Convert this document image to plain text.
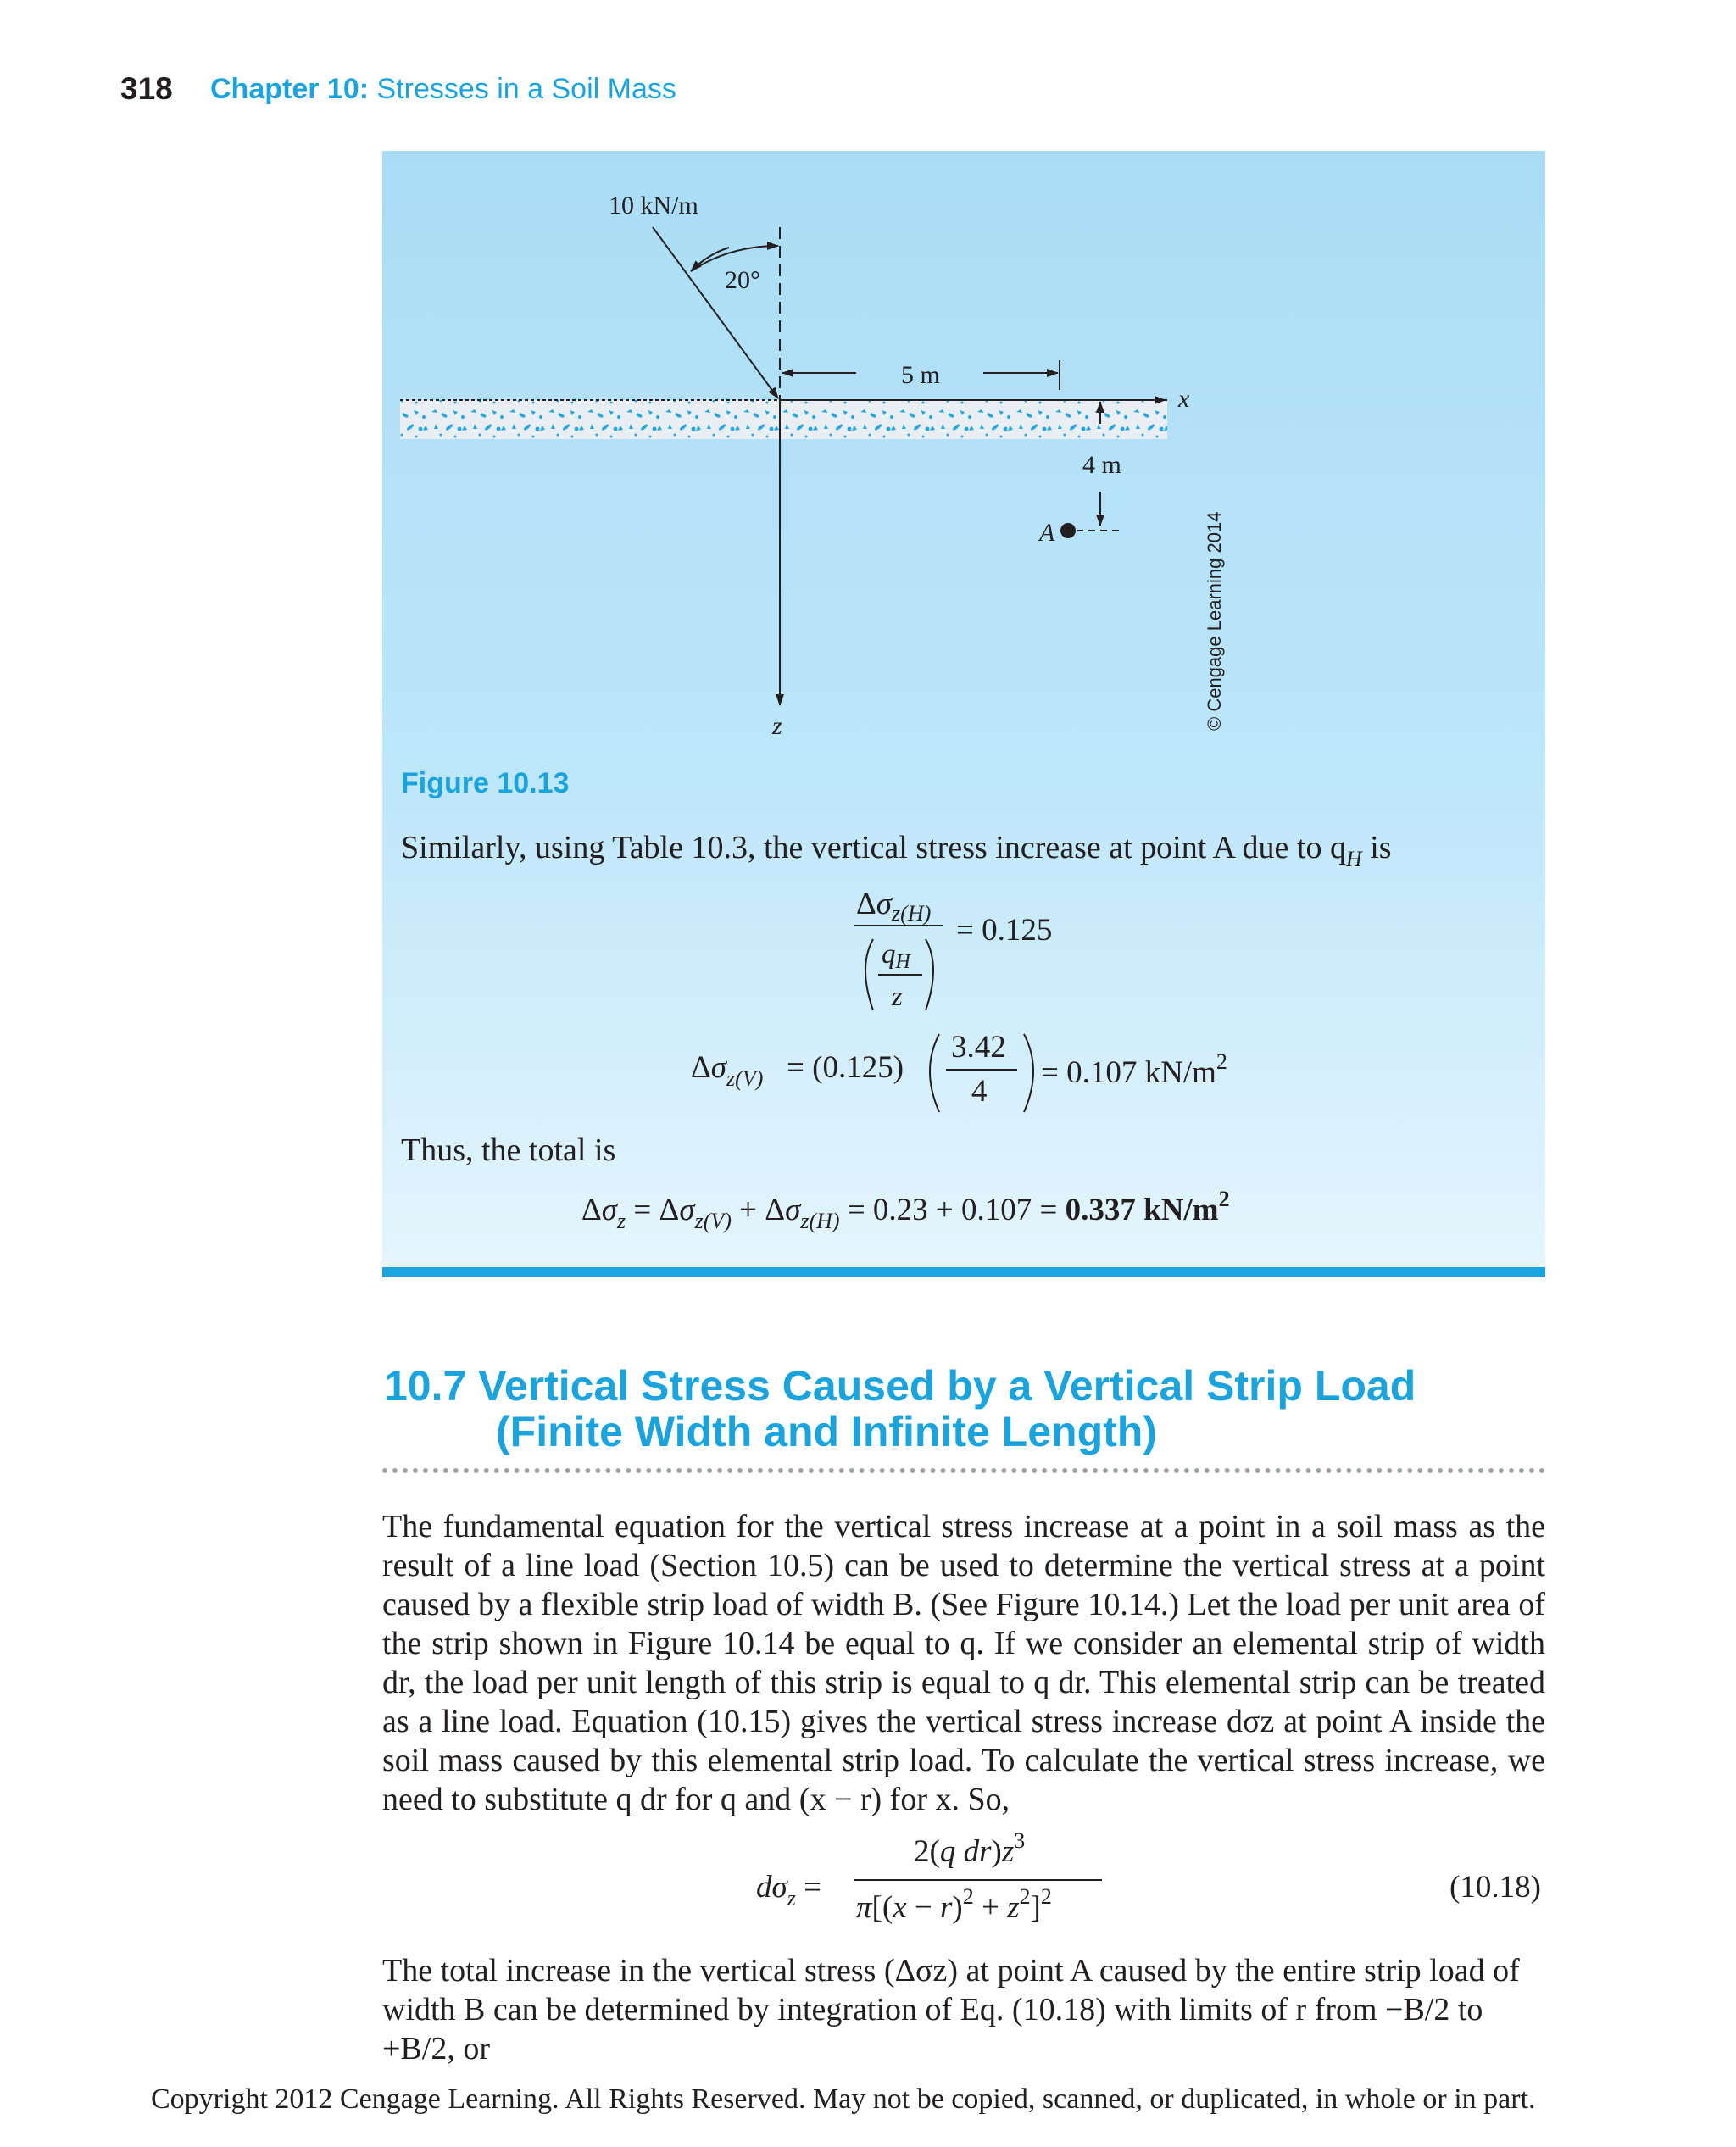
318 Chapter 10: Stresses in a Soil Mass
10 kN/m
20°
5 m
4 m
A
x
z	© Cengage Learning 2014
Figure 10.13
Similarly, using Table 10.3, the vertical stress increase at point A due to $q_H$ is
$\Delta\sigma_{z(H)}$
qH
z
= 0.125
$\Delta\sigma_{z(V)} = (0.125)$
3.42
4
= 0.107 $kN/m^2$
Thus, the total is
$\Delta\sigma_z = \Delta\sigma_{z(V)} + \Delta\sigma_{z(H)} = 0.23 + 0.107 = 0.337$ $kN/m^2$
10.7 Vertical Stress Caused by a Vertical Strip Load
(Finite Width and Infinite Length)
The fundamental equation for the vertical stress increase at a point in a soil mass as the result of a line load (Section 10.5) can be used to determine the vertical stress at a point caused by a flexible strip load of width B. (See Figure 10.14.) Let the load per unit area of the strip shown in Figure 10.14 be equal to q. If we consider an elemental strip of width dr, the load per unit length of this strip is equal to q dr. This elemental strip can be treated as a line load. Equation (10.15) gives the vertical stress increase dσz at point A inside the soil mass caused by this elemental strip load. To calculate the vertical stress increase, we need to substitute q dr for q and (x − r) for x. So,
$d\sigma_z$ =
2(q $dr)z^3$
$\pi[(x - r)^2 + z^2]^2$	(10.18)
The total increase in the vertical stress (Δσz) at point A caused by the entire strip load of width B can be determined by integration of Eq. (10.18) with limits of r from −B/2 to +B/2, or
Copyright 2012 Cengage Learning. All Rights Reserved. May not be copied, scanned, or duplicated, in whole or in part.
